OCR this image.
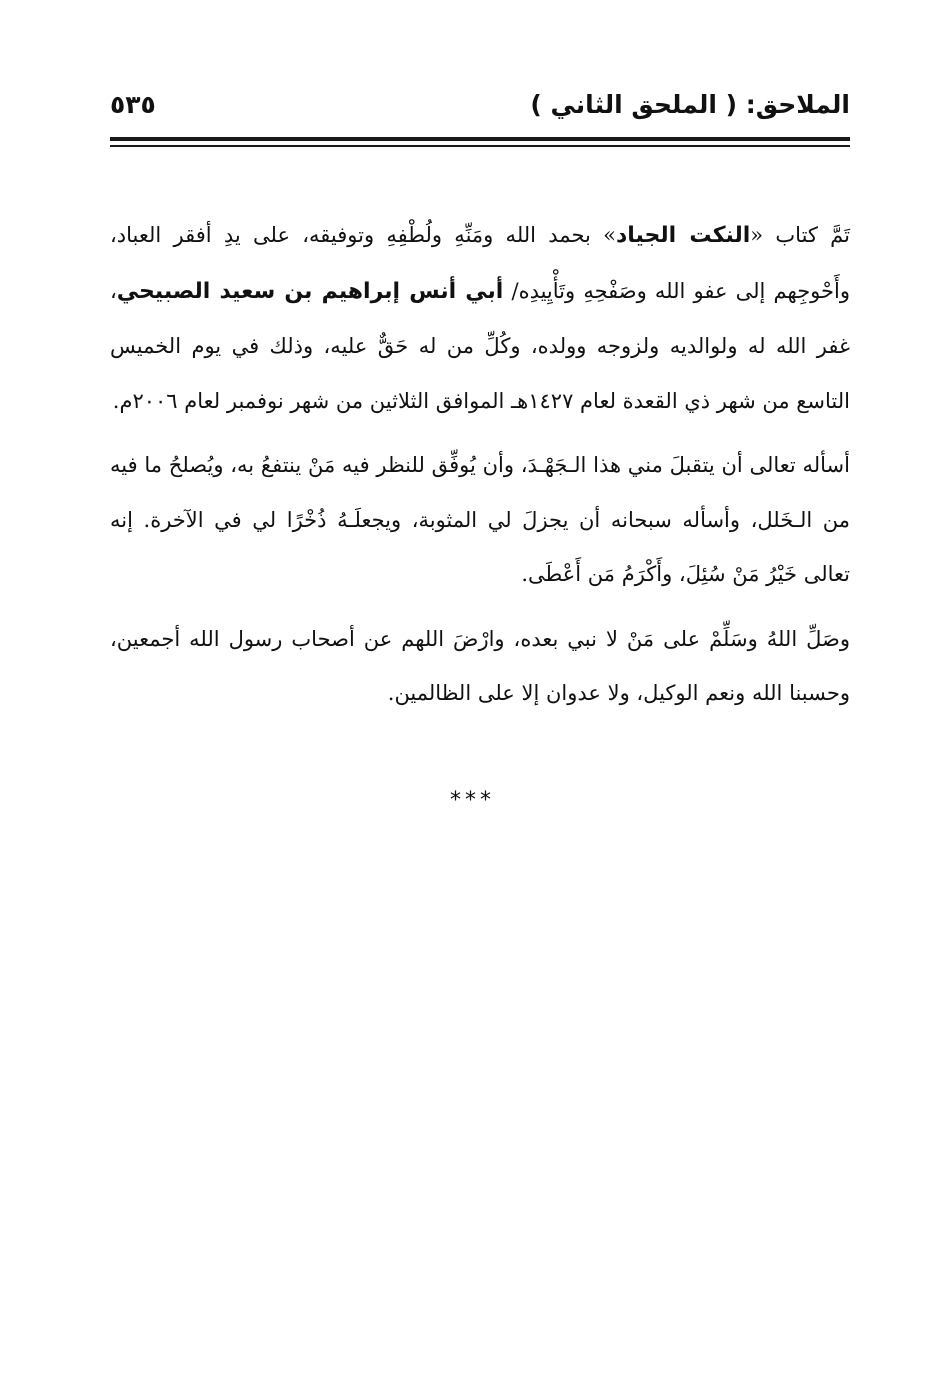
الملاحق: ( الملحق الثاني )
٥٣٥

تَمَّ كتاب «النكت الجياد» بحمد الله ومَنِّهِ ولُطْفِهِ وتوفيقه، على يدِ أفقر العباد، وأَحْوجِهم إلى عفو الله وصَفْحِهِ وتَأْيِيدِه/ أبي أنس إبراهيم بن سعيد الصبيحي، غفر الله له ولوالديه ولزوجه وولده، وكُلِّ من له حَقٌّ عليه، وذلك في يوم الخميس التاسع من شهر ذي القعدة لعام ١٤٢٧هـ الموافق الثلاثين من شهر نوفمبر لعام ٢٠٠٦م.

أسأله تعالى أن يتقبلَ مني هذا الـجَهْـدَ، وأن يُوفِّق للنظر فيه مَنْ ينتفعُ به، ويُصلحُ ما فيه من الـخَلل، وأسأله سبحانه أن يجزلَ لي المثوبة، ويجعلَـهُ ذُخْرًا لي في الآخرة. إنه تعالى خَيْرُ مَنْ سُئِلَ، وأَكْرَمُ مَن أَعْطَى.

وصَلِّ اللهُ وسَلِّمْ على مَنْ لا نبي بعده، وارْضَ اللهم عن أصحاب رسول الله أجمعين، وحسبنا الله ونعم الوكيل، ولا عدوان إلا على الظالمين.

***
